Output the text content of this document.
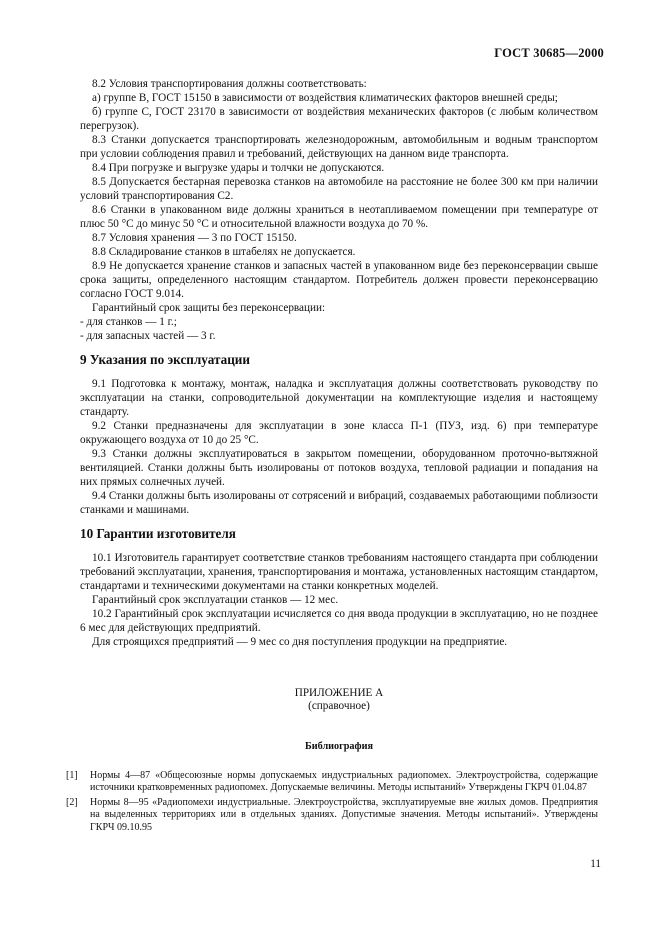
ГОСТ 30685—2000

8.2 Условия транспортирования должны соответствовать:

а) группе В, ГОСТ 15150 в зависимости от воздействия климатических факторов внешней среды;

б) группе С, ГОСТ 23170 в зависимости от воздействия механических факторов (с любым количеством перегрузок).

8.3 Станки допускается транспортировать железнодорожным, автомобильным и водным транспортом при условии соблюдения правил и требований, действующих на данном виде транспорта.

8.4 При погрузке и выгрузке удары и толчки не допускаются.

8.5 Допускается бестарная перевозка станков на автомобиле на расстояние не более 300 км при наличии условий транспортирования С2.

8.6 Станки в упакованном виде должны храниться в неотапливаемом помещении при температуре от плюс 50 °С до минус 50 °С и относительной влажности воздуха до 70 %.

8.7 Условия хранения — 3 по ГОСТ 15150.

8.8 Складирование станков в штабелях не допускается.

8.9 Не допускается хранение станков и запасных частей в упакованном виде без переконсервации свыше срока защиты, определенного настоящим стандартом. Потребитель должен провести переконсервацию согласно ГОСТ 9.014.

Гарантийный срок защиты без переконсервации:

- для станков — 1 г.;

- для запасных частей — 3 г.

9 Указания по эксплуатации

9.1 Подготовка к монтажу, монтаж, наладка и эксплуатация должны соответствовать руководству по эксплуатации на станки, сопроводительной документации на комплектующие изделия и настоящему стандарту.

9.2 Станки предназначены для эксплуатации в зоне класса П-1 (ПУЗ, изд. 6) при температуре окружающего воздуха от 10 до 25 °С.

9.3 Станки должны эксплуатироваться в закрытом помещении, оборудованном проточно-вытяжной вентиляцией. Станки должны быть изолированы от потоков воздуха, тепловой радиации и попадания на них прямых солнечных лучей.

9.4 Станки должны быть изолированы от сотрясений и вибраций, создаваемых работающими поблизости станками и машинами.

10 Гарантии изготовителя

10.1 Изготовитель гарантирует соответствие станков требованиям настоящего стандарта при соблюдении требований эксплуатации, хранения, транспортирования и монтажа, установленных настоящим стандартом, стандартами и техническими документами на станки конкретных моделей.

Гарантийный срок эксплуатации станков — 12 мес.

10.2 Гарантийный срок эксплуатации исчисляется со дня ввода продукции в эксплуатацию, но не позднее 6 мес для действующих предприятий.

Для строящихся предприятий — 9 мес со дня поступления продукции на предприятие.

ПРИЛОЖЕНИЕ А
(справочное)
Библиография
[1]	Нормы 4—87 «Общесоюзные нормы допускаемых индустриальных радиопомех. Электроустройства, содержащие источники кратковременных радиопомех. Допускаемые величины. Методы испытаний» Утверждены ГКРЧ 01.04.87
[2]	Нормы 8—95 «Радиопомехи индустриальные. Электроустройства, эксплуатируемые вне жилых домов. Предприятия на выделенных территориях или в отдельных зданиях. Допустимые значения. Методы испытаний». Утверждены ГКРЧ 09.10.95
11
